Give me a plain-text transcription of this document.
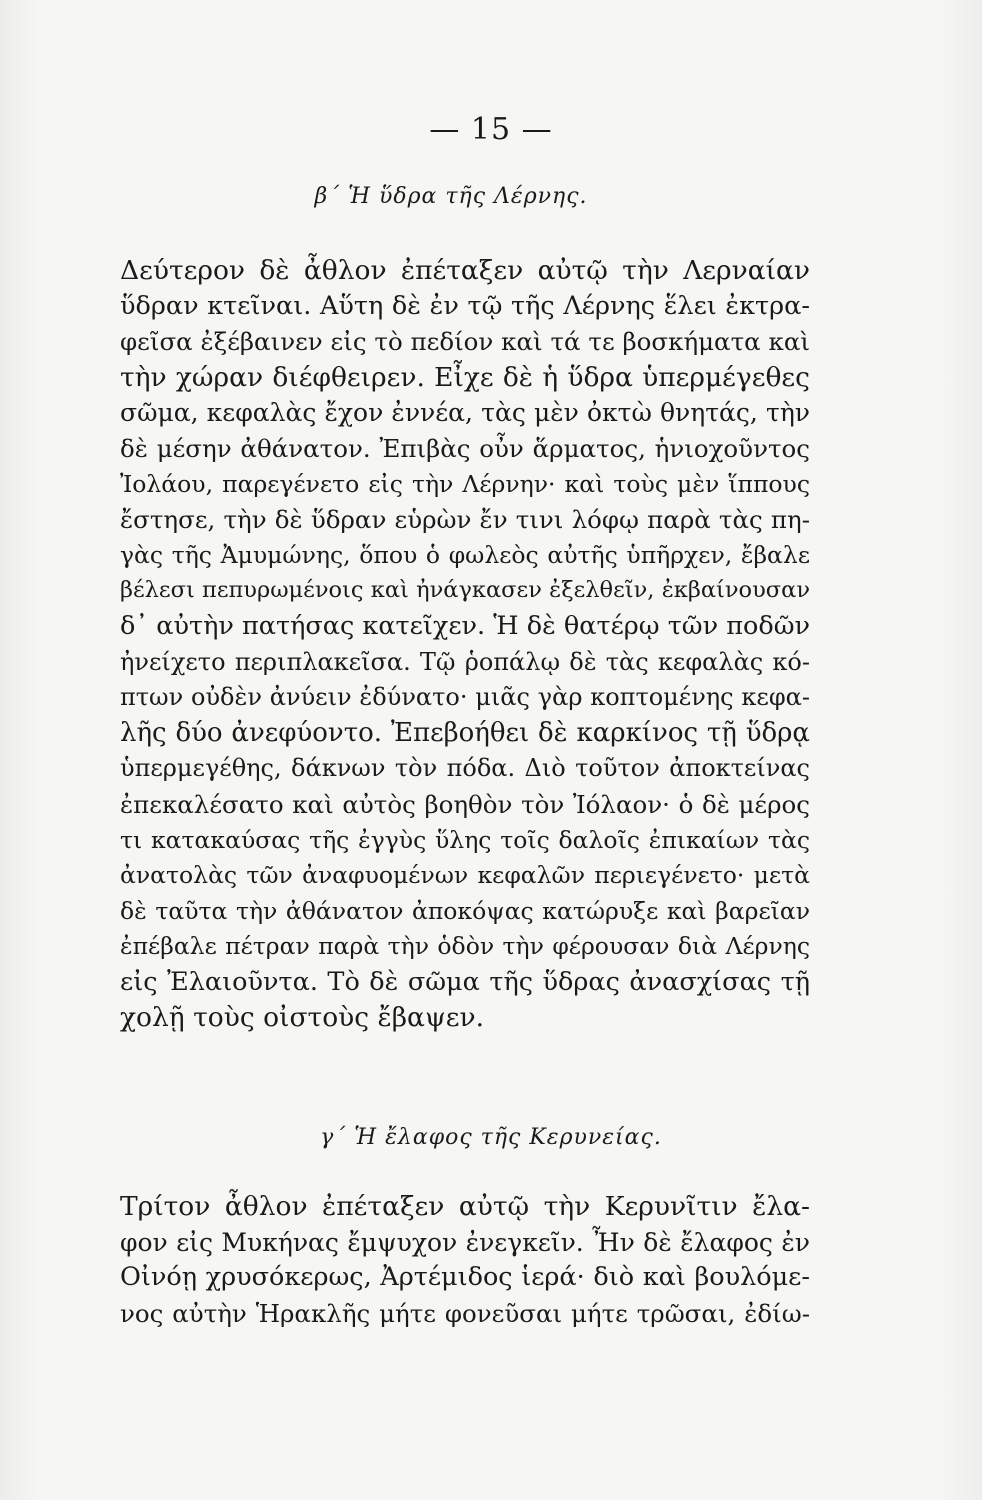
— 15 —
β΄ Ἡ ὕδρα τῆς Λέρνης.
Δεύτερον δὲ ἆθλον ἐπέταξεν αὐτῷ τὴν Λερναίαν
ὕδραν κτεῖναι. Αὕτη δὲ ἐν τῷ τῆς Λέρνης ἕλει ἐκτρα-
φεῖσα ἐξέβαινεν εἰς τὸ πεδίον καὶ τά τε βοσκήματα καὶ
τὴν χώραν διέφθειρεν. Εἶχε δὲ ἡ ὕδρα ὑπερμέγεθες
σῶμα, κεφαλὰς ἔχον ἐννέα, τὰς μὲν ὀκτὼ θνητάς, τὴν
δὲ μέσην ἀθάνατον. Ἐπιβὰς οὖν ἅρματος, ἡνιοχοῦντος
Ἰολάου, παρεγένετο εἰς τὴν Λέρνην· καὶ τοὺς μὲν ἵππους
ἔστησε, τὴν δὲ ὕδραν εὑρὼν ἔν τινι λόφῳ παρὰ τὰς πη-
γὰς τῆς Ἀμυμώνης, ὅπου ὁ φωλεὸς αὐτῆς ὑπῆρχεν, ἔβαλε
βέλεσι πεπυρωμένοις καὶ ἠνάγκασεν ἐξελθεῖν, ἐκβαίνουσαν
δ᾽ αὐτὴν πατήσας κατεῖχεν. Ἡ δὲ θατέρῳ τῶν ποδῶν
ἠνείχετο περιπλακεῖσα. Τῷ ῥοπάλῳ δὲ τὰς κεφαλὰς κό-
πτων οὐδὲν ἀνύειν ἐδύνατο· μιᾶς γὰρ κοπτομένης κεφα-
λῆς δύο ἀνεφύοντο. Ἐπεβοήθει δὲ καρκίνος τῇ ὕδρᾳ
ὑπερμεγέθης, δάκνων τὸν πόδα. Διὸ τοῦτον ἀποκτείνας
ἐπεκαλέσατο καὶ αὐτὸς βοηθὸν τὸν Ἰόλαον· ὁ δὲ μέρος
τι κατακαύσας τῆς ἐγγὺς ὕλης τοῖς δαλοῖς ἐπικαίων τὰς
ἀνατολὰς τῶν ἀναφυομένων κεφαλῶν περιεγένετο· μετὰ
δὲ ταῦτα τὴν ἀθάνατον ἀποκόψας κατώρυξε καὶ βαρεῖαν
ἐπέβαλε πέτραν παρὰ τὴν ὁδὸν τὴν φέρουσαν διὰ Λέρνης
εἰς Ἐλαιοῦντα. Τὸ δὲ σῶμα τῆς ὕδρας ἀνασχίσας τῇ
χολῇ τοὺς οἰστοὺς ἔβαψεν.
γ΄ Ἡ ἔλαφος τῆς Κερυνείας.
Τρίτον ἆθλον ἐπέταξεν αὐτῷ τὴν Κερυνῖτιν ἔλα-
φον εἰς Μυκήνας ἔμψυχον ἐνεγκεῖν. Ἦν δὲ ἔλαφος ἐν
Οἰνόῃ χρυσόκερως, Ἀρτέμιδος ἱερά· διὸ καὶ βουλόμε-
νος αὐτὴν Ἡρακλῆς μήτε φονεῦσαι μήτε τρῶσαι, ἐδίω-
